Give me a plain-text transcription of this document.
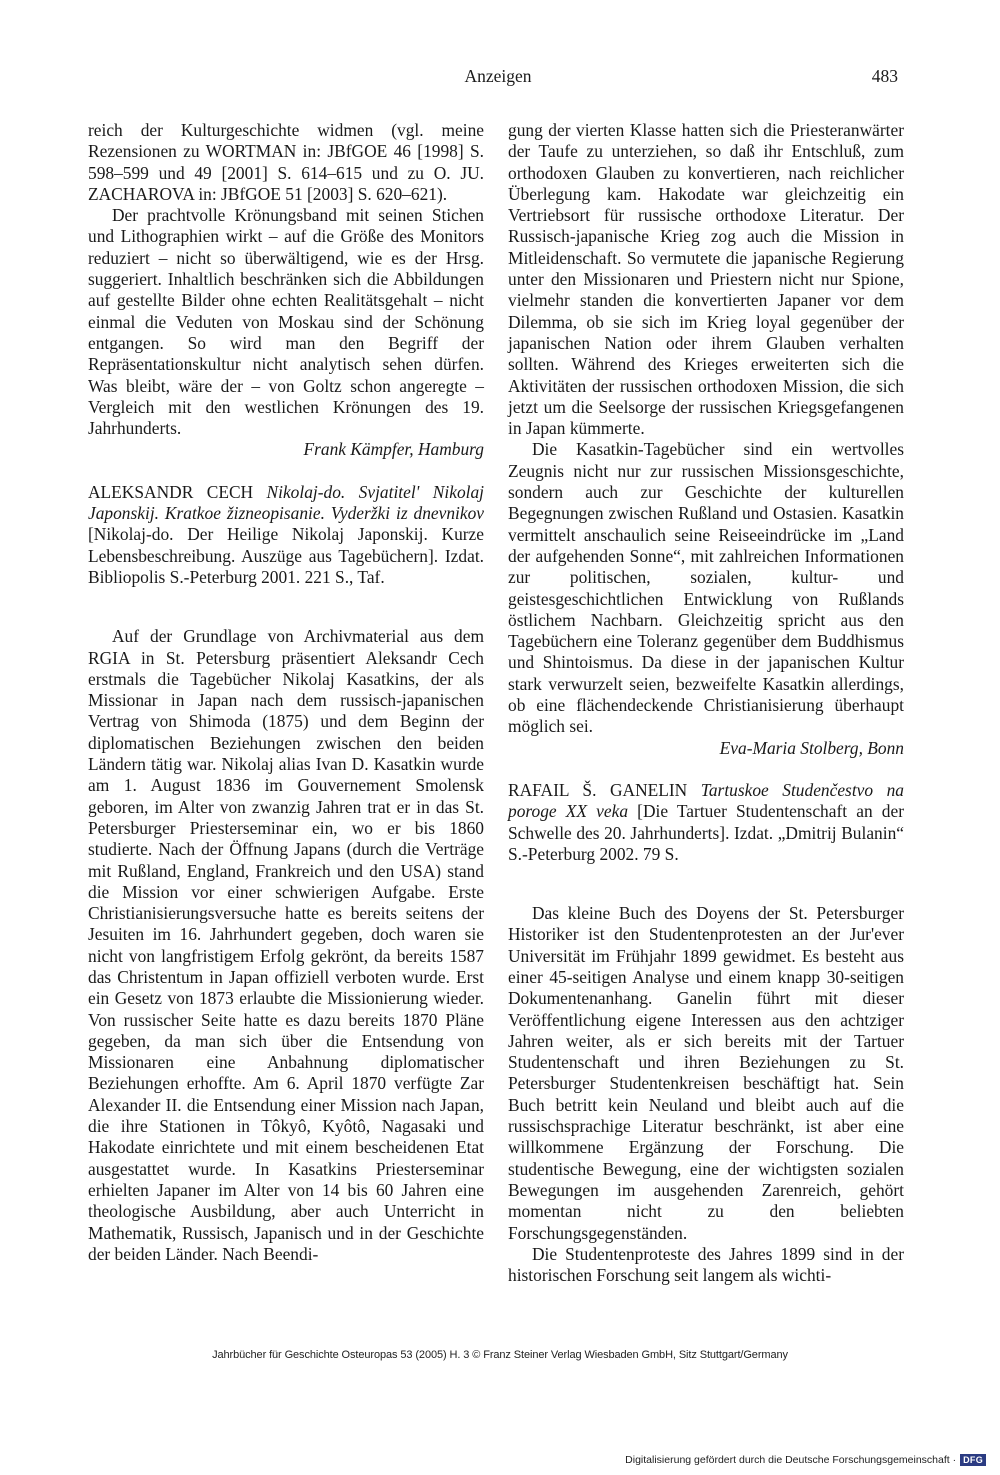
Anzeigen	483

reich der Kulturgeschichte widmen (vgl. meine Rezensionen zu WORTMAN in: JBfGOE 46 [1998] S. 598–599 und 49 [2001] S. 614–615 und zu O. JU. ZACHAROVA in: JBfGOE 51 [2003] S. 620–621).

Der prachtvolle Krönungsband mit seinen Stichen und Lithographien wirkt – auf die Größe des Monitors reduziert – nicht so überwältigend, wie es der Hrsg. suggeriert. Inhaltlich beschränken sich die Abbildungen auf gestellte Bilder ohne echten Realitätsgehalt – nicht einmal die Veduten von Moskau sind der Schönung entgangen. So wird man den Begriff der Repräsentationskultur nicht analytisch sehen dürfen. Was bleibt, wäre der – von Goltz schon angeregte – Vergleich mit den westlichen Krönungen des 19. Jahrhunderts.

Frank Kämpfer, Hamburg

ALEKSANDR CECH Nikolaj-do. Svjatitel' Nikolaj Japonskij. Kratkoe žizneopisanie. Vyderžki iz dnevnikov [Nikolaj-do. Der Heilige Nikolaj Japonskij. Kurze Lebensbeschreibung. Auszüge aus Tagebüchern]. Izdat. Bibliopolis S.-Peterburg 2001. 221 S., Taf.

Auf der Grundlage von Archivmaterial aus dem RGIA in St. Petersburg präsentiert Aleksandr Cech erstmals die Tagebücher Nikolaj Kasatkins, der als Missionar in Japan nach dem russisch-japanischen Vertrag von Shimoda (1875) und dem Beginn der diplomatischen Beziehungen zwischen den beiden Ländern tätig war. Nikolaj alias Ivan D. Kasatkin wurde am 1. August 1836 im Gouvernement Smolensk geboren, im Alter von zwanzig Jahren trat er in das St. Petersburger Priesterseminar ein, wo er bis 1860 studierte. Nach der Öffnung Japans (durch die Verträge mit Rußland, England, Frankreich und den USA) stand die Mission vor einer schwierigen Aufgabe. Erste Christianisierungsversuche hatte es bereits seitens der Jesuiten im 16. Jahrhundert gegeben, doch waren sie nicht von langfristigem Erfolg gekrönt, da bereits 1587 das Christentum in Japan offiziell verboten wurde. Erst ein Gesetz von 1873 erlaubte die Missionierung wieder. Von russischer Seite hatte es dazu bereits 1870 Pläne gegeben, da man sich über die Entsendung von Missionaren eine Anbahnung diplomatischer Beziehungen erhoffte. Am 6. April 1870 verfügte Zar Alexander II. die Entsendung einer Mission nach Japan, die ihre Stationen in Tôkyô, Kyôtô, Nagasaki und Hakodate einrichtete und mit einem bescheidenen Etat ausgestattet wurde. In Kasatkins Priesterseminar erhielten Japaner im Alter von 14 bis 60 Jahren eine theologische Ausbildung, aber auch Unterricht in Mathematik, Russisch, Japanisch und in der Geschichte der beiden Länder. Nach Beendi-

gung der vierten Klasse hatten sich die Priesteranwärter der Taufe zu unterziehen, so daß ihr Entschluß, zum orthodoxen Glauben zu konvertieren, nach reichlicher Überlegung kam. Hakodate war gleichzeitig ein Vertriebsort für russische orthodoxe Literatur. Der Russisch-japanische Krieg zog auch die Mission in Mitleidenschaft. So vermutete die japanische Regierung unter den Missionaren und Priestern nicht nur Spione, vielmehr standen die konvertierten Japaner vor dem Dilemma, ob sie sich im Krieg loyal gegenüber der japanischen Nation oder ihrem Glauben verhalten sollten. Während des Krieges erweiterten sich die Aktivitäten der russischen orthodoxen Mission, die sich jetzt um die Seelsorge der russischen Kriegsgefangenen in Japan kümmerte.

Die Kasatkin-Tagebücher sind ein wertvolles Zeugnis nicht nur zur russischen Missionsgeschichte, sondern auch zur Geschichte der kulturellen Begegnungen zwischen Rußland und Ostasien. Kasatkin vermittelt anschaulich seine Reiseeindrücke im „Land der aufgehenden Sonne“, mit zahlreichen Informationen zur politischen, sozialen, kultur- und geistesgeschichtlichen Entwicklung von Rußlands östlichem Nachbarn. Gleichzeitig spricht aus den Tagebüchern eine Toleranz gegenüber dem Buddhismus und Shintoismus. Da diese in der japanischen Kultur stark verwurzelt seien, bezweifelte Kasatkin allerdings, ob eine flächendeckende Christianisierung überhaupt möglich sei.

Eva-Maria Stolberg, Bonn

RAFAIL Š. GANELIN Tartuskoe Studenčestvo na poroge XX veka [Die Tartuer Studentenschaft an der Schwelle des 20. Jahrhunderts]. Izdat. „Dmitrij Bulanin“ S.-Peterburg 2002. 79 S.

Das kleine Buch des Doyens der St. Petersburger Historiker ist den Studentenprotesten an der Jur'ever Universität im Frühjahr 1899 gewidmet. Es besteht aus einer 45-seitigen Analyse und einem knapp 30-seitigen Dokumentenanhang. Ganelin führt mit dieser Veröffentlichung eigene Interessen aus den achtziger Jahren weiter, als er sich bereits mit der Tartuer Studentenschaft und ihren Beziehungen zu St. Petersburger Studentenkreisen beschäftigt hat. Sein Buch betritt kein Neuland und bleibt auch auf die russischsprachige Literatur beschränkt, ist aber eine willkommene Ergänzung der Forschung. Die studentische Bewegung, eine der wichtigsten sozialen Bewegungen im ausgehenden Zarenreich, gehört momentan nicht zu den beliebten Forschungsgegenständen.

Die Studentenproteste des Jahres 1899 sind in der historischen Forschung seit langem als wichti-

Jahrbücher für Geschichte Osteuropas 53 (2005) H. 3 © Franz Steiner Verlag Wiesbaden GmbH, Sitz Stuttgart/Germany
Digitalisierung gefördert durch die Deutsche Forschungsgemeinschaft · DFG
